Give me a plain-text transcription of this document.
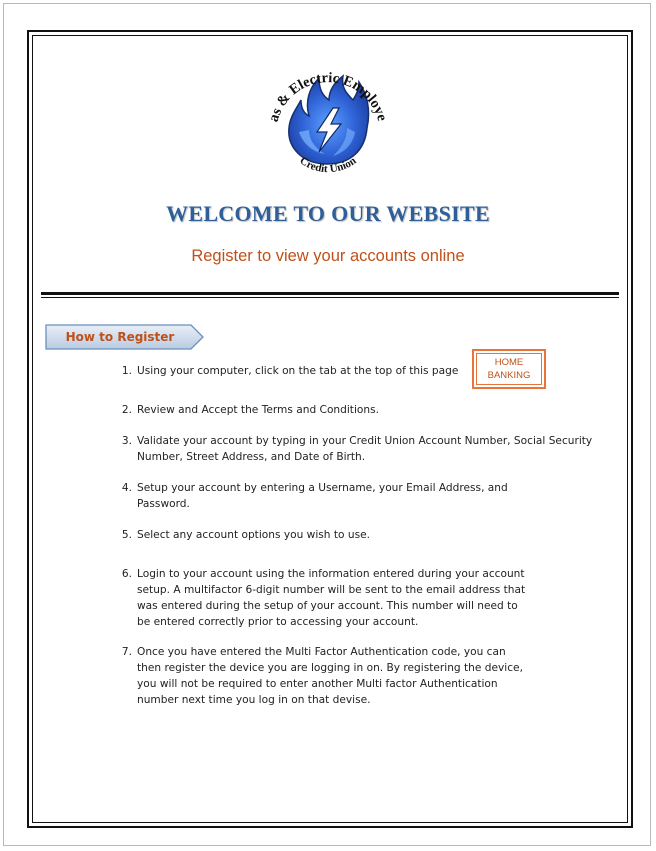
as & Electric Employe
Credit Union
WELCOME TO OUR WEBSITE
Register to view your accounts online
How to Register
HOME
BANKING
1. Using your computer, click on the tab at the top of this page
2. Review and Accept the Terms and Conditions.
3. Validate your account by typing in your Credit Union Account Number, Social Security
Number, Street Address, and Date of Birth.
4. Setup your account by entering a Username, your Email Address, and
Password.
5. Select any account options you wish to use.
6. Login to your account using the information entered during your account
setup. A multifactor 6-digit number will be sent to the email address that
was entered during the setup of your account. This number will need to
be entered correctly prior to accessing your account.
7. Once you have entered the Multi Factor Authentication code, you can
then register the device you are logging in on. By registering the device,
you will not be required to enter another Multi factor Authentication
number next time you log in on that devise.
